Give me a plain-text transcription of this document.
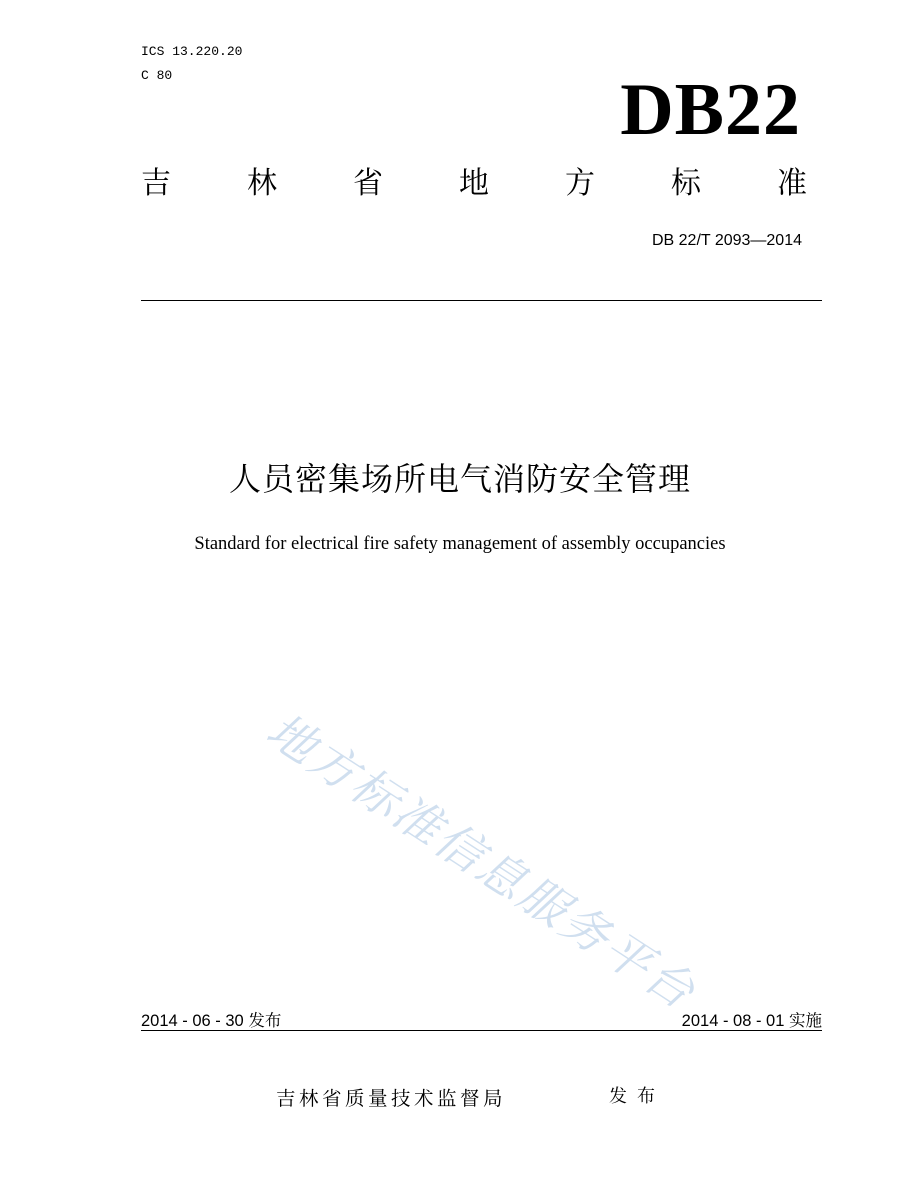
ICS 13.220.20
C 80	DB22
吉	林	省	地	方	标	准
DB 22/T 2093—2014
人员密集场所电气消防安全管理
Standard for electrical fire safety management of assembly occupancies
地方标准信息服务平台
2014 - 06 - 30 发布	2014 - 08 - 01 实施
吉林省质量技术监督局	发布
